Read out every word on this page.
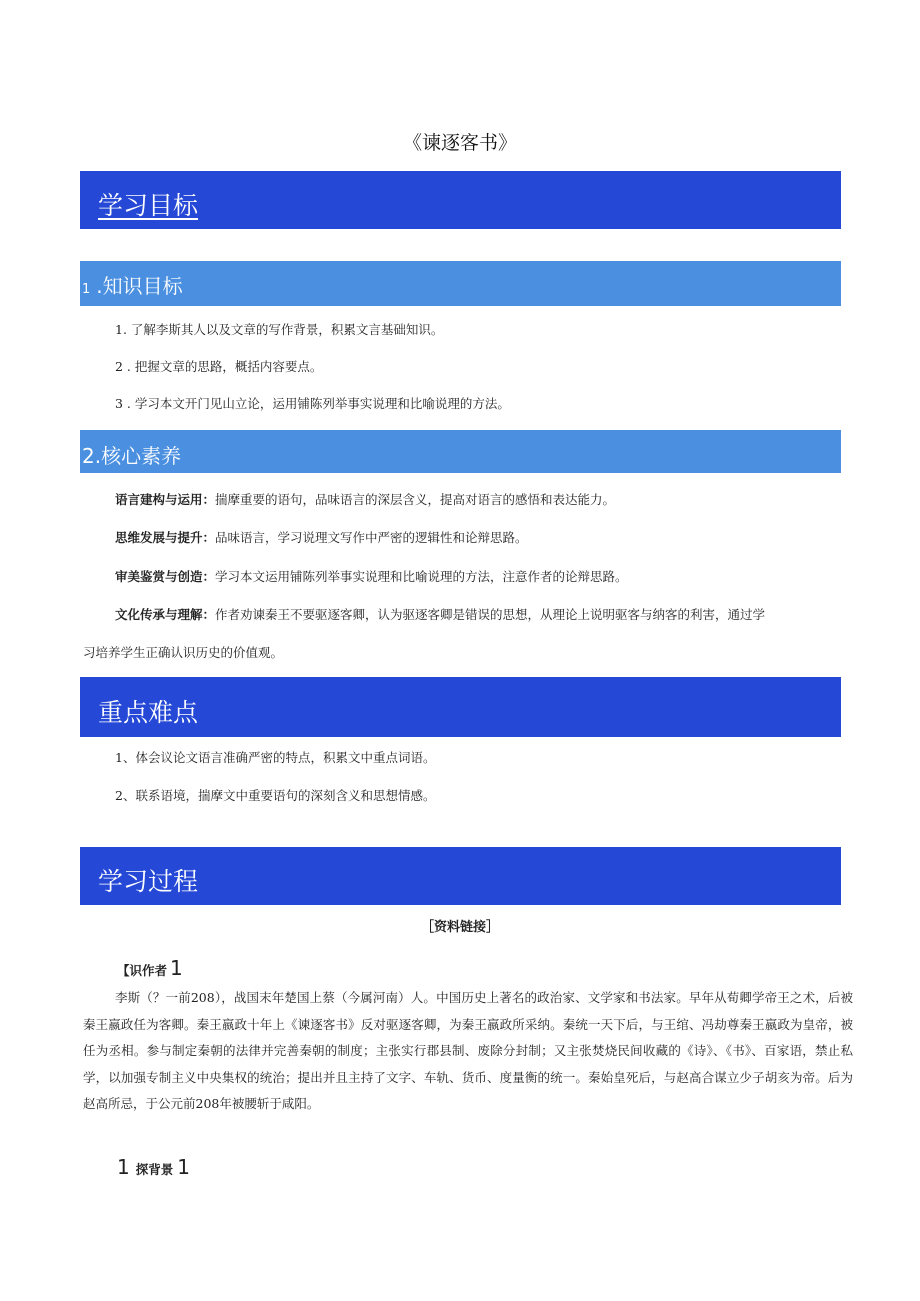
《谏逐客书》
学习目标
1 .知识目标
1. 了解李斯其人以及文章的写作背景，积累文言基础知识。
2 . 把握文章的思路，概括内容要点。
3 . 学习本文开门见山立论，运用铺陈列举事实说理和比喻说理的方法。
2.核心素养
语言建构与运用：揣摩重要的语句，品味语言的深层含义，提高对语言的感悟和表达能力。
思维发展与提升：品味语言，学习说理文写作中严密的逻辑性和论辩思路。
审美鉴赏与创造：学习本文运用铺陈列举事实说理和比喻说理的方法，注意作者的论辩思路。
文化传承与理解：作者劝谏秦王不要驱逐客卿，认为驱逐客卿是错误的思想，从理论上说明驱客与纳客的利害，通过学
习培养学生正确认识历史的价值观。
重点难点
1、体会议论文语言准确严密的特点，积累文中重点词语。
2、联系语境，揣摩文中重要语句的深刻含义和思想情感。
学习过程
［资料链接］
【识作者 1
李斯（？一前208），战国末年楚国上蔡（今属河南）人。中国历史上著名的政治家、文学家和书法家。早年从荀卿学帝王之术，后被秦王嬴政任为客卿。秦王嬴政十年上《谏逐客书》反对驱逐客卿，为秦王嬴政所采纳。秦统一天下后，与王绾、冯劫尊秦王嬴政为皇帝，被任为丞相。参与制定秦朝的法律并完善秦朝的制度；主张实行郡县制、废除分封制；又主张焚烧民间收藏的《诗》、《书》、百家语，禁止私学，以加强专制主义中央集权的统治；提出并且主持了文字、车轨、货币、度量衡的统一。秦始皇死后，与赵高合谋立少子胡亥为帝。后为赵高所忌，于公元前208年被腰斩于咸阳。
1 探背景 1
